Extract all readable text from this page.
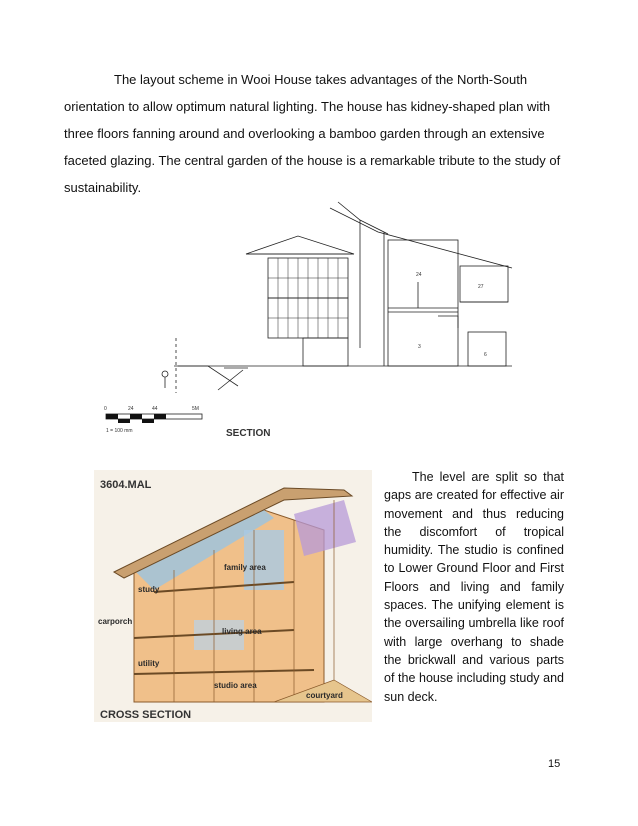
The layout scheme in Wooi House takes advantages of the North-South orientation to allow optimum natural lighting. The house has kidney-shaped plan with three floors fanning around and overlooking a bamboo garden through an extensive faceted glazing. The central garden of the house is a remarkable tribute to the study of sustainability.

0	24	44	5M
1 = 100 mm
24
27
3
6
SECTION
3604.MAL
study
family area
carporch
living area
utility
studio area
courtyard
CROSS SECTION

The level are split so that gaps are created for effective air movement and thus reducing the discomfort of tropical humidity. The studio is confined to Lower Ground Floor and First Floors and living and family spaces. The unifying element is the oversailing umbrella like roof with large overhang to shade the brickwall and various parts of the house including study and sun deck.

15
